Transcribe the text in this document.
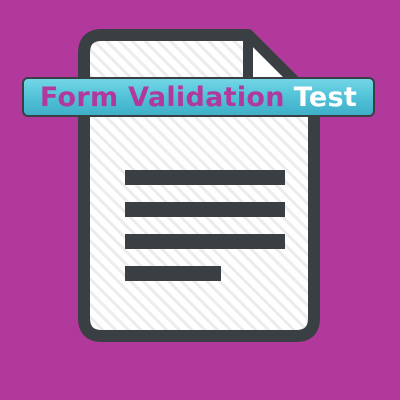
Form Validation Test
